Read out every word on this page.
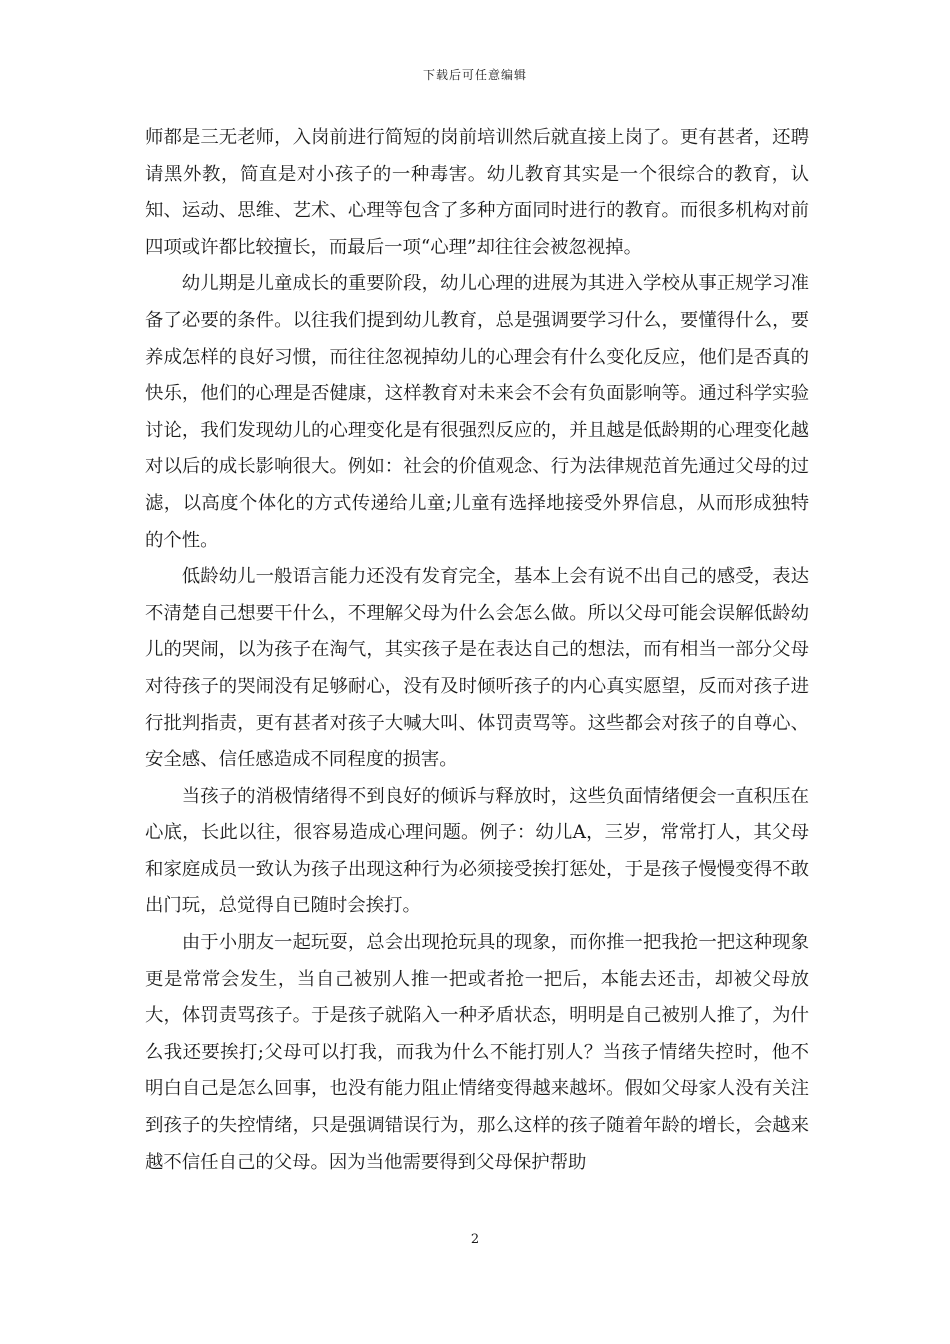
下载后可任意编辑

师都是三无老师，入岗前进行简短的岗前培训然后就直接上岗了。更有甚者，还聘请黑外教，简直是对小孩子的一种毒害。幼儿教育其实是一个很综合的教育，认知、运动、思维、艺术、心理等包含了多种方面同时进行的教育。而很多机构对前四项或许都比较擅长，而最后一项“心理”却往往会被忽视掉。

幼儿期是儿童成长的重要阶段，幼儿心理的进展为其进入学校从事正规学习准备了必要的条件。以往我们提到幼儿教育，总是强调要学习什么，要懂得什么，要养成怎样的良好习惯，而往往忽视掉幼儿的心理会有什么变化反应，他们是否真的快乐，他们的心理是否健康，这样教育对未来会不会有负面影响等。通过科学实验讨论，我们发现幼儿的心理变化是有很强烈反应的，并且越是低龄期的心理变化越对以后的成长影响很大。例如：社会的价值观念、行为法律规范首先通过父母的过滤，以高度个体化的方式传递给儿童;儿童有选择地接受外界信息，从而形成独特的个性。

低龄幼儿一般语言能力还没有发育完全，基本上会有说不出自己的感受，表达不清楚自己想要干什么，不理解父母为什么会怎么做。所以父母可能会误解低龄幼儿的哭闹，以为孩子在淘气，其实孩子是在表达自己的想法，而有相当一部分父母对待孩子的哭闹没有足够耐心，没有及时倾听孩子的内心真实愿望，反而对孩子进行批判指责，更有甚者对孩子大喊大叫、体罚责骂等。这些都会对孩子的自尊心、安全感、信任感造成不同程度的损害。

当孩子的消极情绪得不到良好的倾诉与释放时，这些负面情绪便会一直积压在心底，长此以往，很容易造成心理问题。例子：幼儿A，三岁，常常打人，其父母和家庭成员一致认为孩子出现这种行为必须接受挨打惩处，于是孩子慢慢变得不敢出门玩，总觉得自已随时会挨打。

由于小朋友一起玩耍，总会出现抢玩具的现象，而你推一把我抢一把这种现象更是常常会发生，当自己被别人推一把或者抢一把后，本能去还击，却被父母放大，体罚责骂孩子。于是孩子就陷入一种矛盾状态，明明是自己被别人推了，为什么我还要挨打;父母可以打我，而我为什么不能打别人？当孩子情绪失控时，他不明白自己是怎么回事，也没有能力阻止情绪变得越来越坏。假如父母家人没有关注到孩子的失控情绪，只是强调错误行为，那么这样的孩子随着年龄的增长，会越来越不信任自己的父母。因为当他需要得到父母保护帮助

2
